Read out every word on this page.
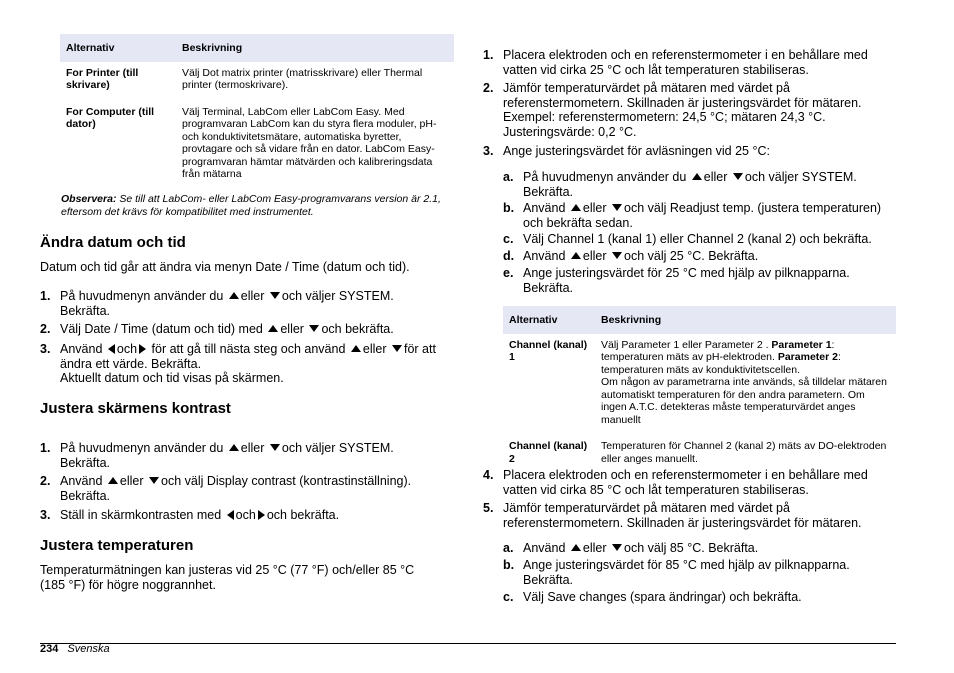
Alternativ	Beskrivning
For Printer (till skrivare)	Välj Dot matrix printer (matrisskrivare) eller Thermal printer (termoskrivare).
For Computer (till dator)	Välj Terminal, LabCom eller LabCom Easy. Med programvaran LabCom kan du styra flera moduler, pH- och konduktivitetsmätare, automatiska byretter, provtagare och så vidare från en dator. LabCom Easy-programvaran hämtar mätvärden och kalibreringsdata från mätarna
Observera: Se till att LabCom- eller LabCom Easy-programvarans version är 2.1, eftersom det krävs för kompatibilitet med instrumentet.
Ändra datum och tid
Datum och tid går att ändra via menyn Date / Time (datum och tid).
1. På huvudmenyn använder du eller och väljer SYSTEM.
Bekräfta.
2. Välj Date / Time (datum och tid) med eller och bekräfta.
3. Använd och för att gå till nästa steg och använd eller för att
ändra ett värde. Bekräfta.
Aktuellt datum och tid visas på skärmen.
Justera skärmens kontrast
1. På huvudmenyn använder du eller och väljer SYSTEM.
Bekräfta.
2. Använd eller och välj Display contrast (kontrastinställning).
Bekräfta.
3. Ställ in skärmkontrasten med och och bekräfta.
Justera temperaturen
Temperaturmätningen kan justeras vid 25 °C (77 °F) och/eller 85 °C
(185 °F) för högre noggrannhet.
1. Placera elektroden och en referenstermometer i en behållare med
vatten vid cirka 25 °C och låt temperaturen stabiliseras.
2. Jämför temperaturvärdet på mätaren med värdet på
referenstermometern. Skillnaden är justeringsvärdet för mätaren.
Exempel: referenstermometern: 24,5 °C; mätaren 24,3 °C.
Justeringsvärde: 0,2 °C.
3. Ange justeringsvärdet för avläsningen vid 25 °C:
a. På huvudmenyn använder du eller och väljer SYSTEM.
Bekräfta.
b. Använd eller och välj Readjust temp. (justera temperaturen)
och bekräfta sedan.
c. Välj Channel 1 (kanal 1) eller Channel 2 (kanal 2) och bekräfta.
d. Använd eller och välj 25 °C. Bekräfta.
e. Ange justeringsvärdet för 25 °C med hjälp av pilknapparna.
Bekräfta.
Alternativ	Beskrivning
Channel (kanal) 1	Välj Parameter 1 eller Parameter 2 . Parameter 1: temperaturen mäts av pH-elektroden. Parameter 2: temperaturen mäts av konduktivitetscellen.
Om någon av parametrarna inte används, så tilldelar mätaren automatiskt temperaturen för den andra parametern. Om ingen A.T.C. detekteras måste temperaturvärdet anges manuellt
Channel (kanal) 2	Temperaturen för Channel 2 (kanal 2) mäts av DO-elektroden eller anges manuellt.
4. Placera elektroden och en referenstermometer i en behållare med
vatten vid cirka 85 °C och låt temperaturen stabiliseras.
5. Jämför temperaturvärdet på mätaren med värdet på
referenstermometern. Skillnaden är justeringsvärdet för mätaren.
a. Använd eller och välj 85 °C. Bekräfta.
b. Ange justeringsvärdet för 85 °C med hjälp av pilknapparna.
Bekräfta.
c. Välj Save changes (spara ändringar) och bekräfta.
234 Svenska
